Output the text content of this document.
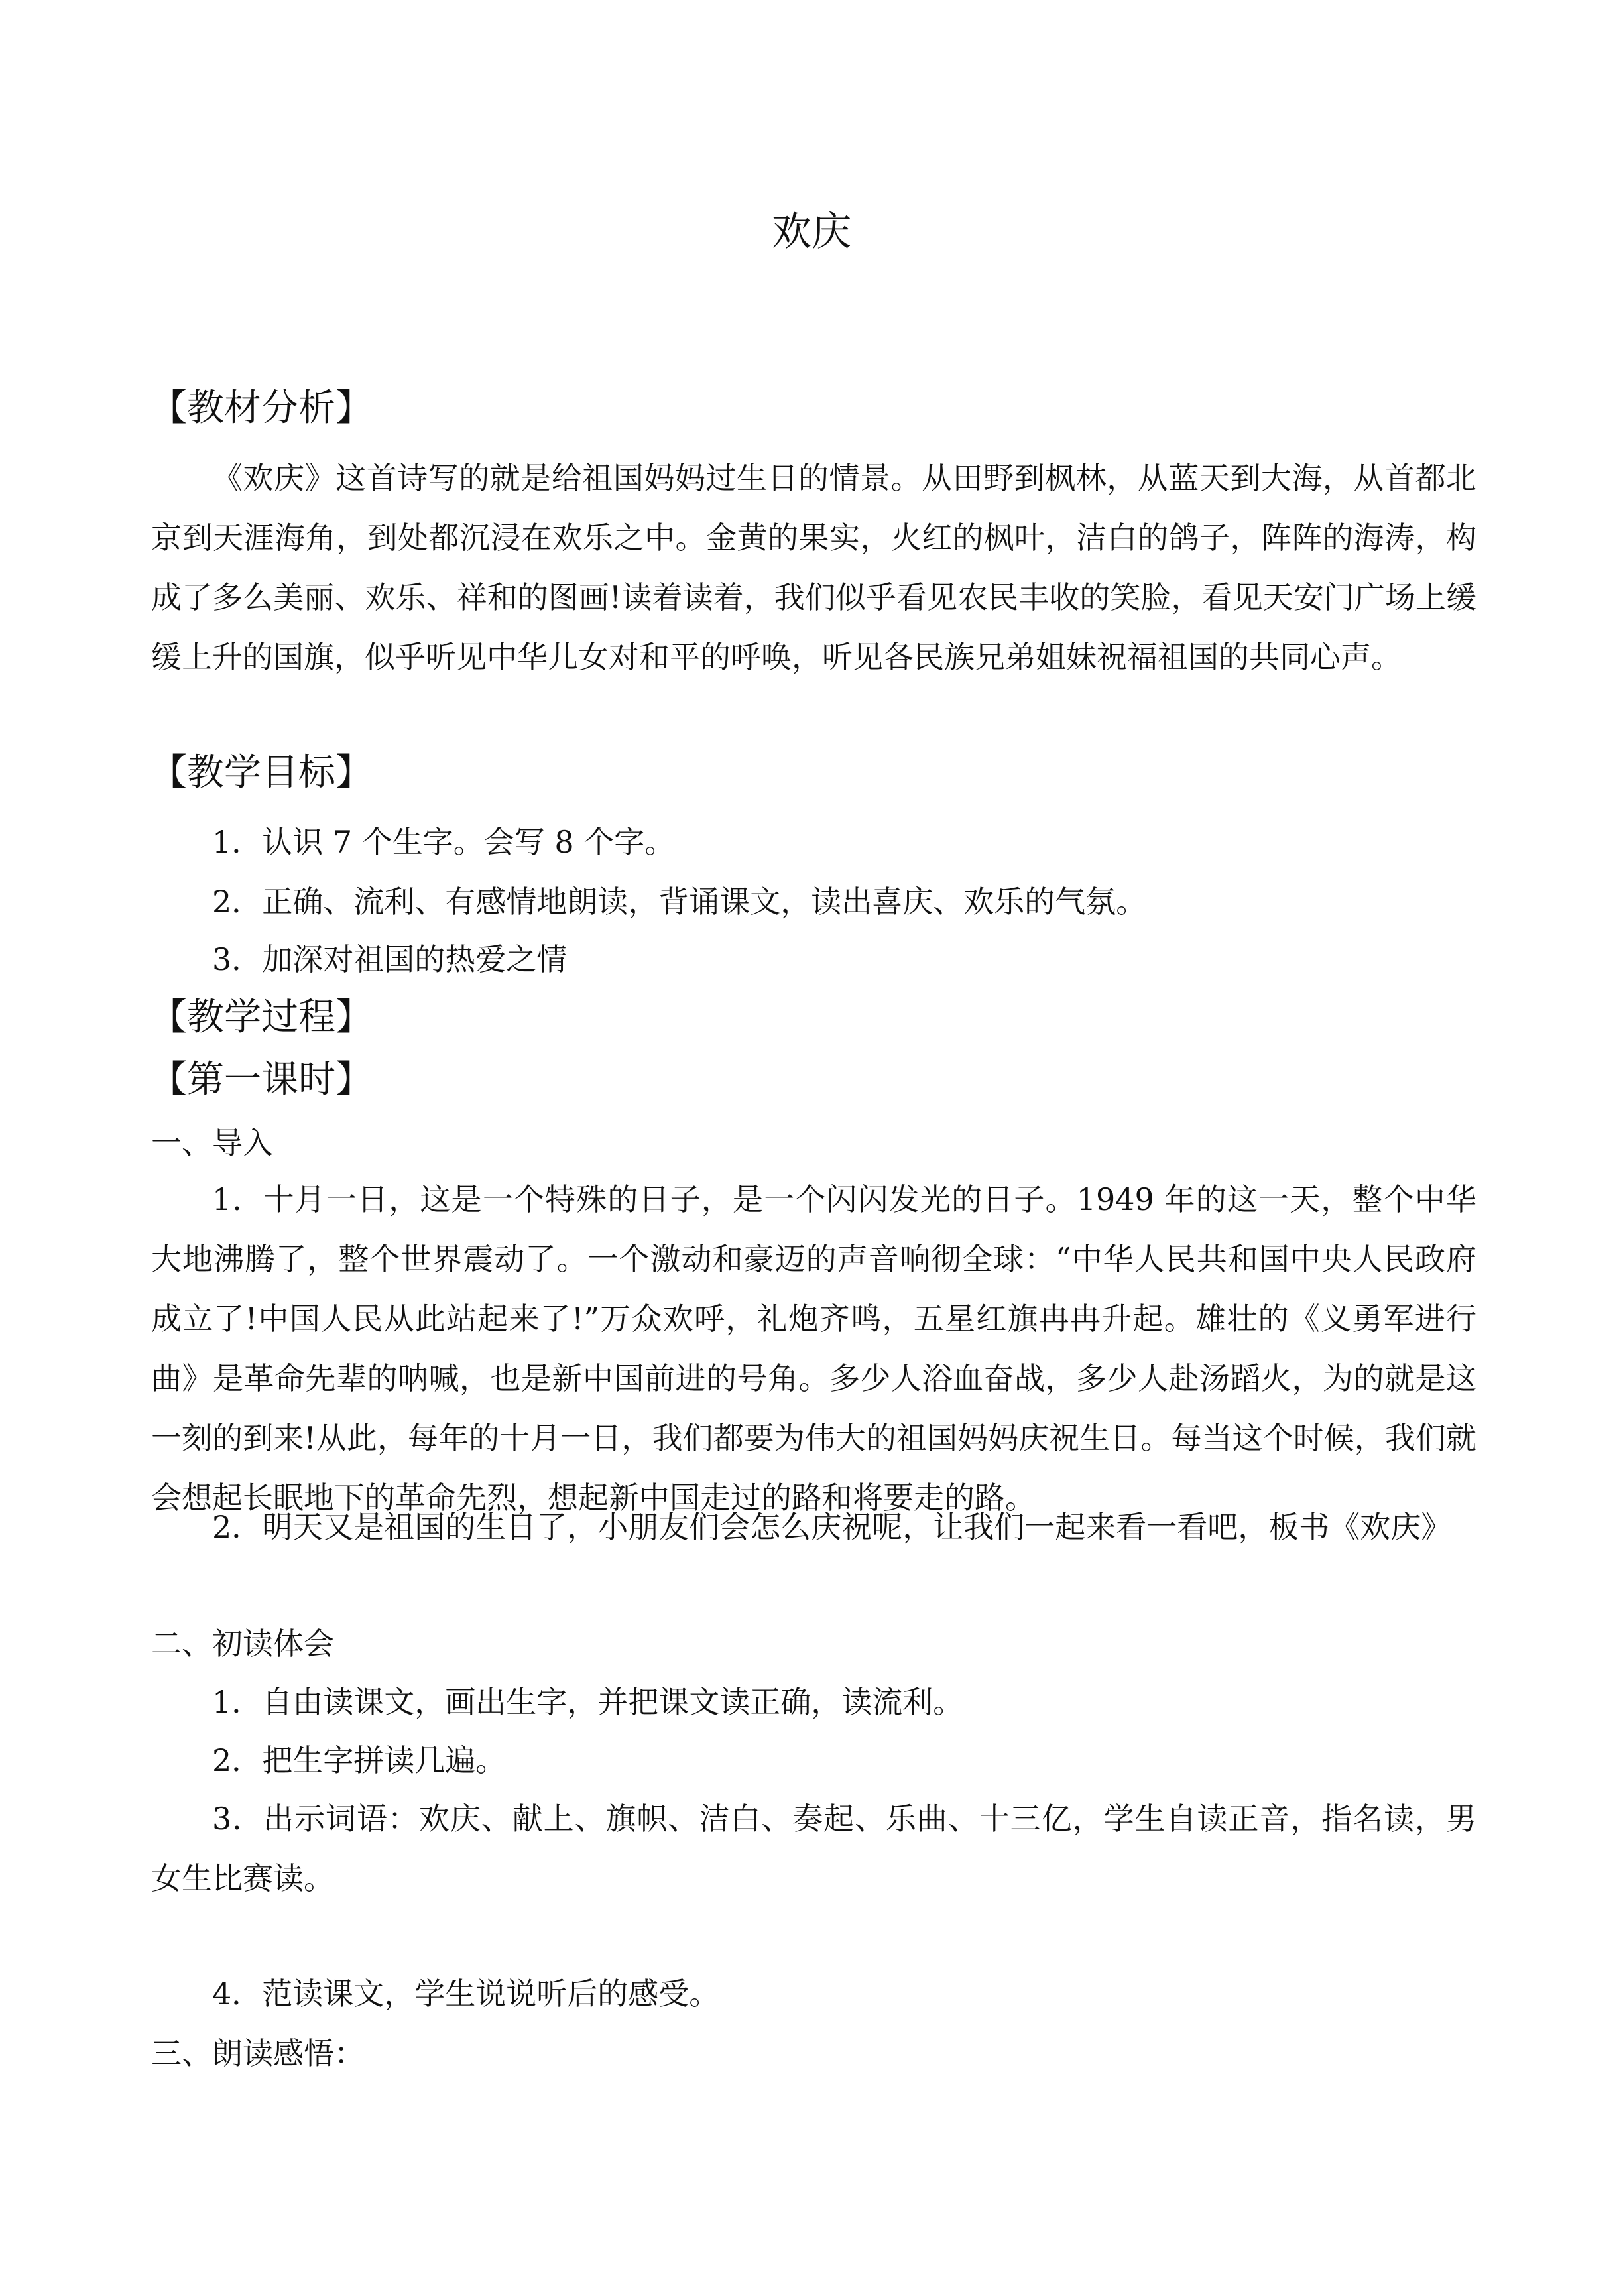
欢庆
【教材分析】
《欢庆》这首诗写的就是给祖国妈妈过生日的情景。从田野到枫林，从蓝天到大海，从首都北京到天涯海角，到处都沉浸在欢乐之中。金黄的果实，火红的枫叶，洁白的鸽子，阵阵的海涛，构成了多么美丽、欢乐、祥和的图画!读着读着，我们似乎看见农民丰收的笑脸，看见天安门广场上缓缓上升的国旗，似乎听见中华儿女对和平的呼唤，听见各民族兄弟姐妹祝福祖国的共同心声。
【教学目标】
1．认识 7 个生字。会写 8 个字。
2．正确、流利、有感情地朗读，背诵课文，读出喜庆、欢乐的气氛。
3．加深对祖国的热爱之情
【教学过程】
【第一课时】
一、导入
1．十月一日，这是一个特殊的日子，是一个闪闪发光的日子。1949 年的这一天，整个中华大地沸腾了，整个世界震动了。一个激动和豪迈的声音响彻全球：“中华人民共和国中央人民政府成立了!中国人民从此站起来了!”万众欢呼，礼炮齐鸣，五星红旗冉冉升起。雄壮的《义勇军进行曲》是革命先辈的呐喊，也是新中国前进的号角。多少人浴血奋战，多少人赴汤蹈火，为的就是这一刻的到来!从此，每年的十月一日，我们都要为伟大的祖国妈妈庆祝生日。每当这个时候，我们就会想起长眠地下的革命先烈，想起新中国走过的路和将要走的路。
2．明天又是祖国的生日了，小朋友们会怎么庆祝呢，让我们一起来看一看吧，板书《欢庆》
二、初读体会
1．自由读课文，画出生字，并把课文读正确，读流利。
2．把生字拼读几遍。
3．出示词语：欢庆、献上、旗帜、洁白、奏起、乐曲、十三亿，学生自读正音，指名读，男女生比赛读。
4．范读课文，学生说说听后的感受。
三、朗读感悟：
